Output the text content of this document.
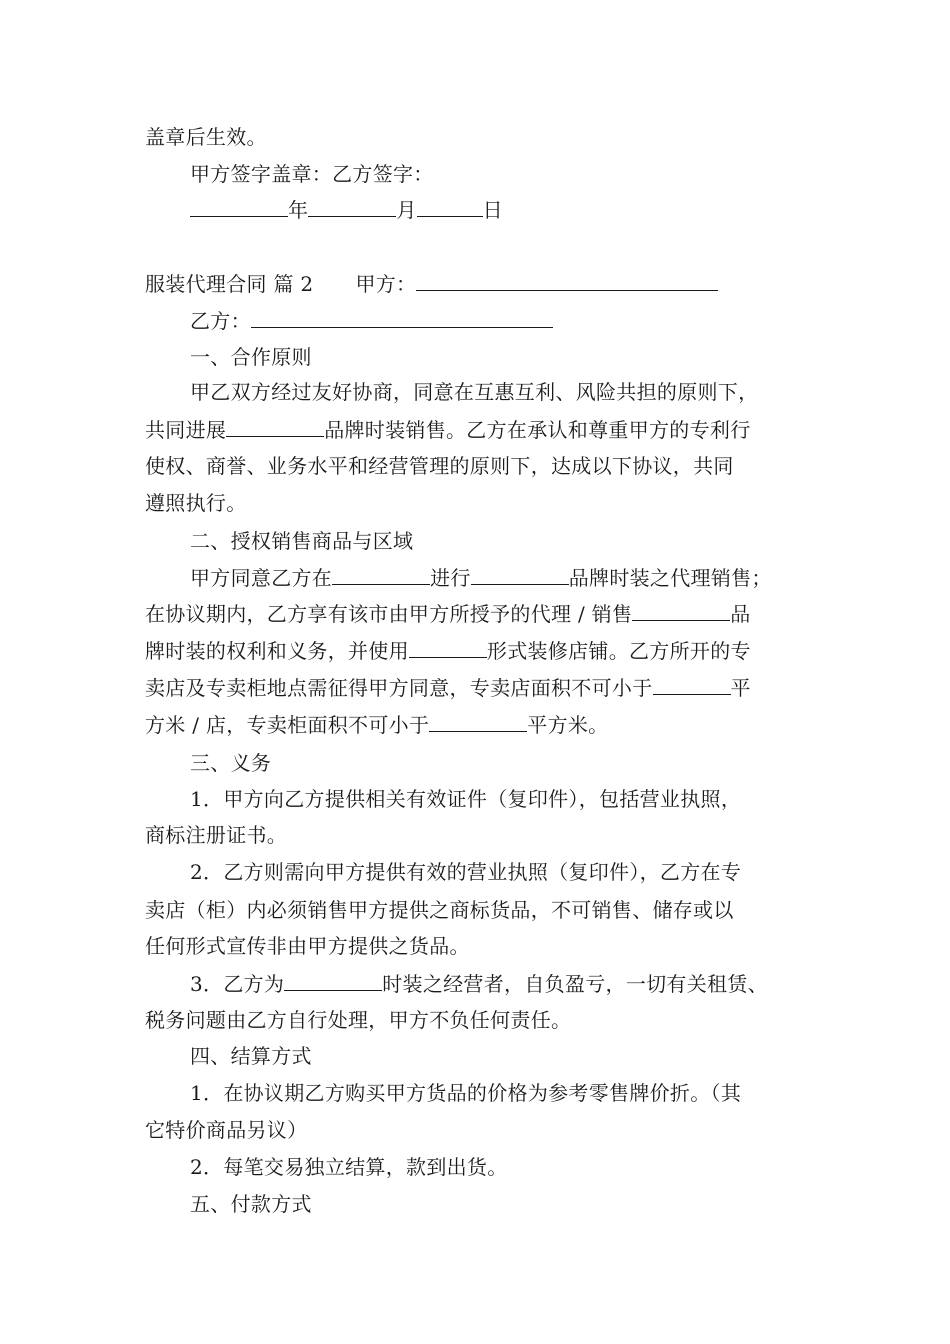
盖章后生效。
甲方签字盖章：乙方签字：
年	月	日
服装代理合同 篇 2 甲方：
乙方：
一、合作原则
甲乙双方经过友好协商，同意在互惠互利、风险共担的原则下，
共同进展	品牌时装销售。乙方在承认和尊重甲方的专利行
使权、商誉、业务水平和经营管理的原则下，达成以下协议，共同
遵照执行。
二、授权销售商品与区域
甲方同意乙方在	进行	品牌时装之代理销售；
在协议期内，乙方享有该市由甲方所授予的代理 / 销售	品
牌时装的权利和义务，并使用	形式装修店铺。乙方所开的专
卖店及专卖柜地点需征得甲方同意，专卖店面积不可小于	平
方米 / 店，专卖柜面积不可小于	平方米。
三、义务
1．甲方向乙方提供相关有效证件（复印件），包括营业执照，
商标注册证书。
2．乙方则需向甲方提供有效的营业执照（复印件），乙方在专
卖店（柜）内必须销售甲方提供之商标货品，不可销售、储存或以
任何形式宣传非由甲方提供之货品。
3．乙方为	时装之经营者，自负盈亏，一切有关租赁、
税务问题由乙方自行处理，甲方不负任何责任。
四、结算方式
1．在协议期乙方购买甲方货品的价格为参考零售牌价折。（其
它特价商品另议）
2．每笔交易独立结算，款到出货。
五、付款方式
